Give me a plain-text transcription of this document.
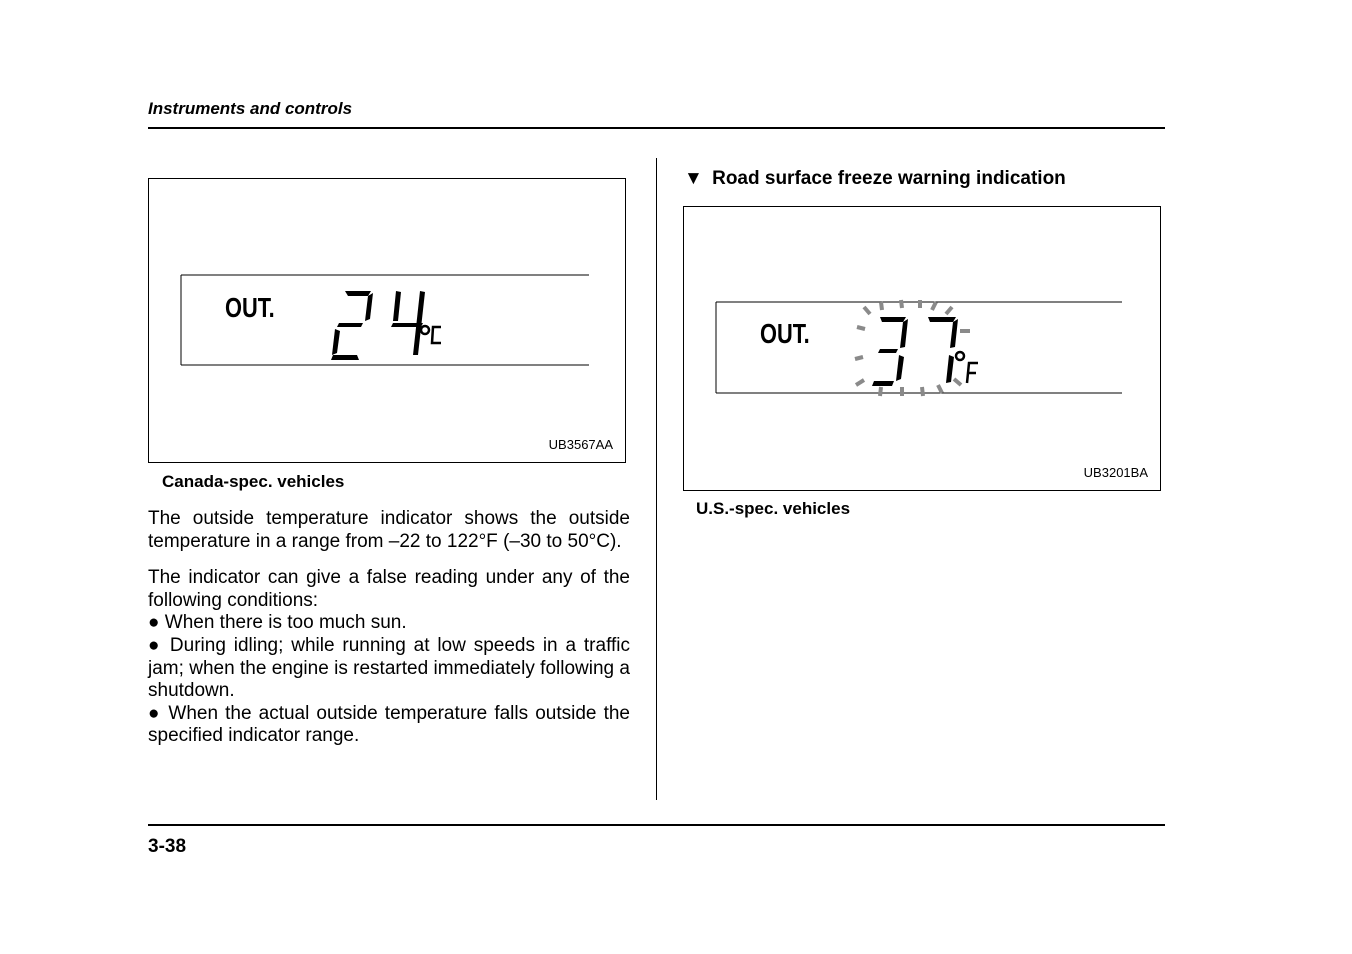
Instruments and controls
OUT.
UB3567AA
Canada-spec. vehicles

The outside temperature indicator shows the outside temperature in a range from –22 to 122°F (–30 to 50°C).

The indicator can give a false reading under any of the following conditions:

● When there is too much sun.

● During idling; while running at low speeds in a traffic jam; when the engine is restarted immediately following a shutdown.

● When the actual outside temperature falls outside the specified indicator range.

▼ Road surface freeze warning indication
OUT.
UB3201BA
U.S.-spec. vehicles
3-38
